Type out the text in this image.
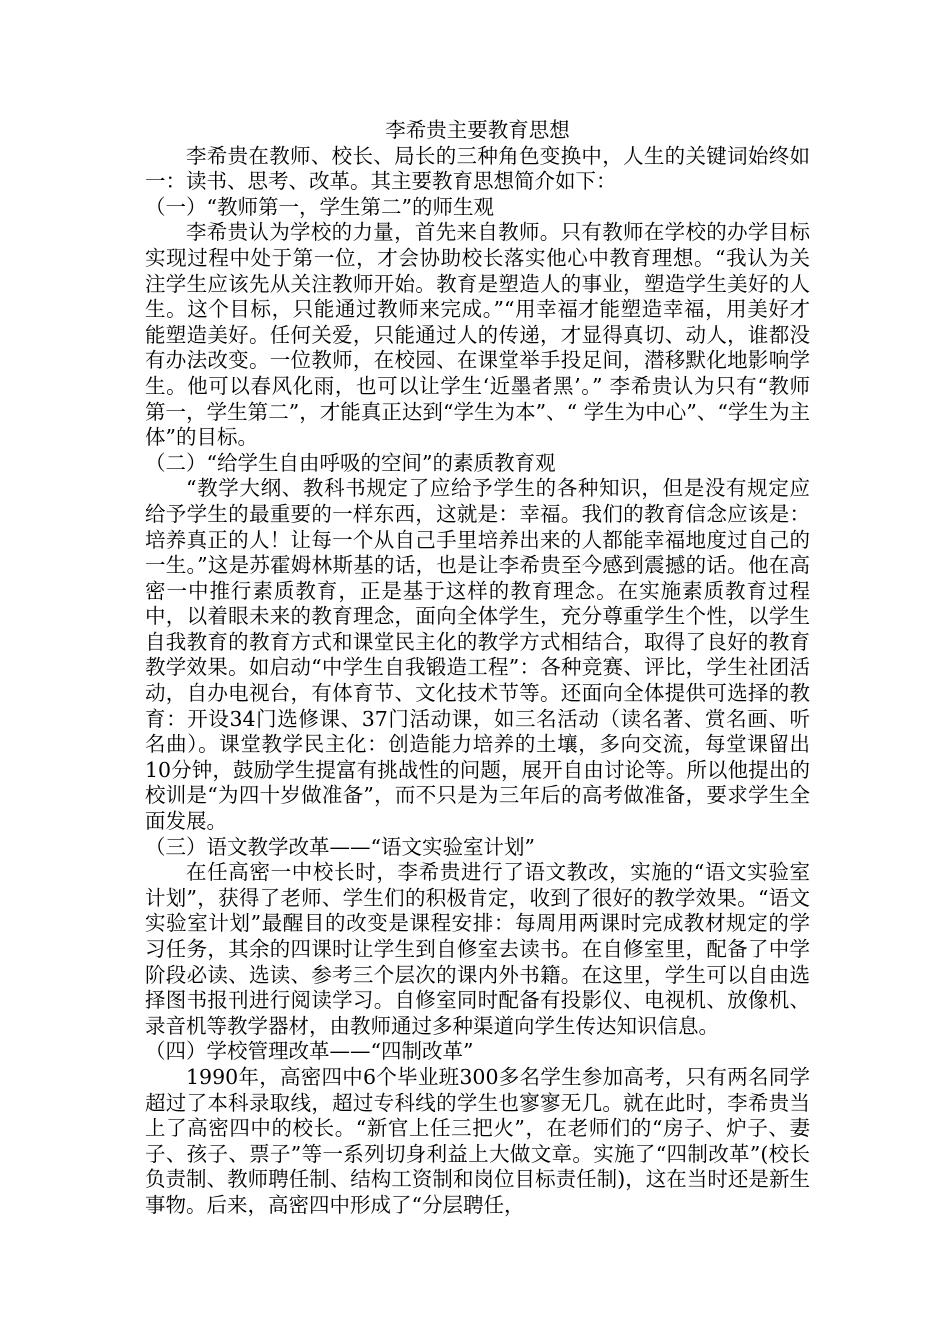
李希贵主要教育思想

李希贵在教师、校长、局长的三种角色变换中，人生的关键词始终如一：读书、思考、改革。其主要教育思想简介如下：

（一）“教师第一，学生第二”的师生观

李希贵认为学校的力量，首先来自教师。只有教师在学校的办学目标实现过程中处于第一位，才会协助校长落实他心中教育理想。“我认为关注学生应该先从关注教师开始。教育是塑造人的事业，塑造学生美好的人生。这个目标，只能通过教师来完成。”“用幸福才能塑造幸福，用美好才能塑造美好。任何关爱，只能通过人的传递，才显得真切、动人，谁都没有办法改变。一位教师，在校园、在课堂举手投足间，潜移默化地影响学生。他可以春风化雨，也可以让学生‘近墨者黑’。” 李希贵认为只有“教师第一，学生第二”，才能真正达到“学生为本”、“ 学生为中心”、“学生为主体”的目标。

（二）“给学生自由呼吸的空间”的素质教育观

“教学大纲、教科书规定了应给予学生的各种知识，但是没有规定应给予学生的最重要的一样东西，这就是：幸福。我们的教育信念应该是：培养真正的人！让每一个从自己手里培养出来的人都能幸福地度过自己的一生。”这是苏霍姆林斯基的话，也是让李希贵至今感到震撼的话。他在高密一中推行素质教育，正是基于这样的教育理念。在实施素质教育过程中，以着眼未来的教育理念，面向全体学生，充分尊重学生个性，以学生自我教育的教育方式和课堂民主化的教学方式相结合，取得了良好的教育教学效果。如启动“中学生自我锻造工程”：各种竞赛、评比，学生社团活动，自办电视台，有体育节、文化技术节等。还面向全体提供可选择的教育：开设34门选修课、37门活动课，如三名活动（读名著、赏名画、听名曲）。课堂教学民主化：创造能力培养的土壤，多向交流，每堂课留出10分钟，鼓励学生提富有挑战性的问题，展开自由讨论等。所以他提出的校训是“为四十岁做准备”，而不只是为三年后的高考做准备，要求学生全面发展。

（三）语文教学改革——“语文实验室计划”

在任高密一中校长时，李希贵进行了语文教改，实施的“语文实验室计划”，获得了老师、学生们的积极肯定，收到了很好的教学效果。“语文实验室计划”最醒目的改变是课程安排：每周用两课时完成教材规定的学习任务，其余的四课时让学生到自修室去读书。在自修室里，配备了中学阶段必读、选读、参考三个层次的课内外书籍。在这里，学生可以自由选择图书报刊进行阅读学习。自修室同时配备有投影仪、电视机、放像机、录音机等教学器材，由教师通过多种渠道向学生传达知识信息。

（四）学校管理改革——“四制改革”

1990年，高密四中6个毕业班300多名学生参加高考，只有两名同学超过了本科录取线，超过专科线的学生也寥寥无几。就在此时，李希贵当上了高密四中的校长。“新官上任三把火”，在老师们的“房子、炉子、妻子、孩子、票子”等一系列切身利益上大做文章。实施了“四制改革”(校长负责制、教师聘任制、结构工资制和岗位目标责任制)，这在当时还是新生事物。后来，高密四中形成了“分层聘任，
